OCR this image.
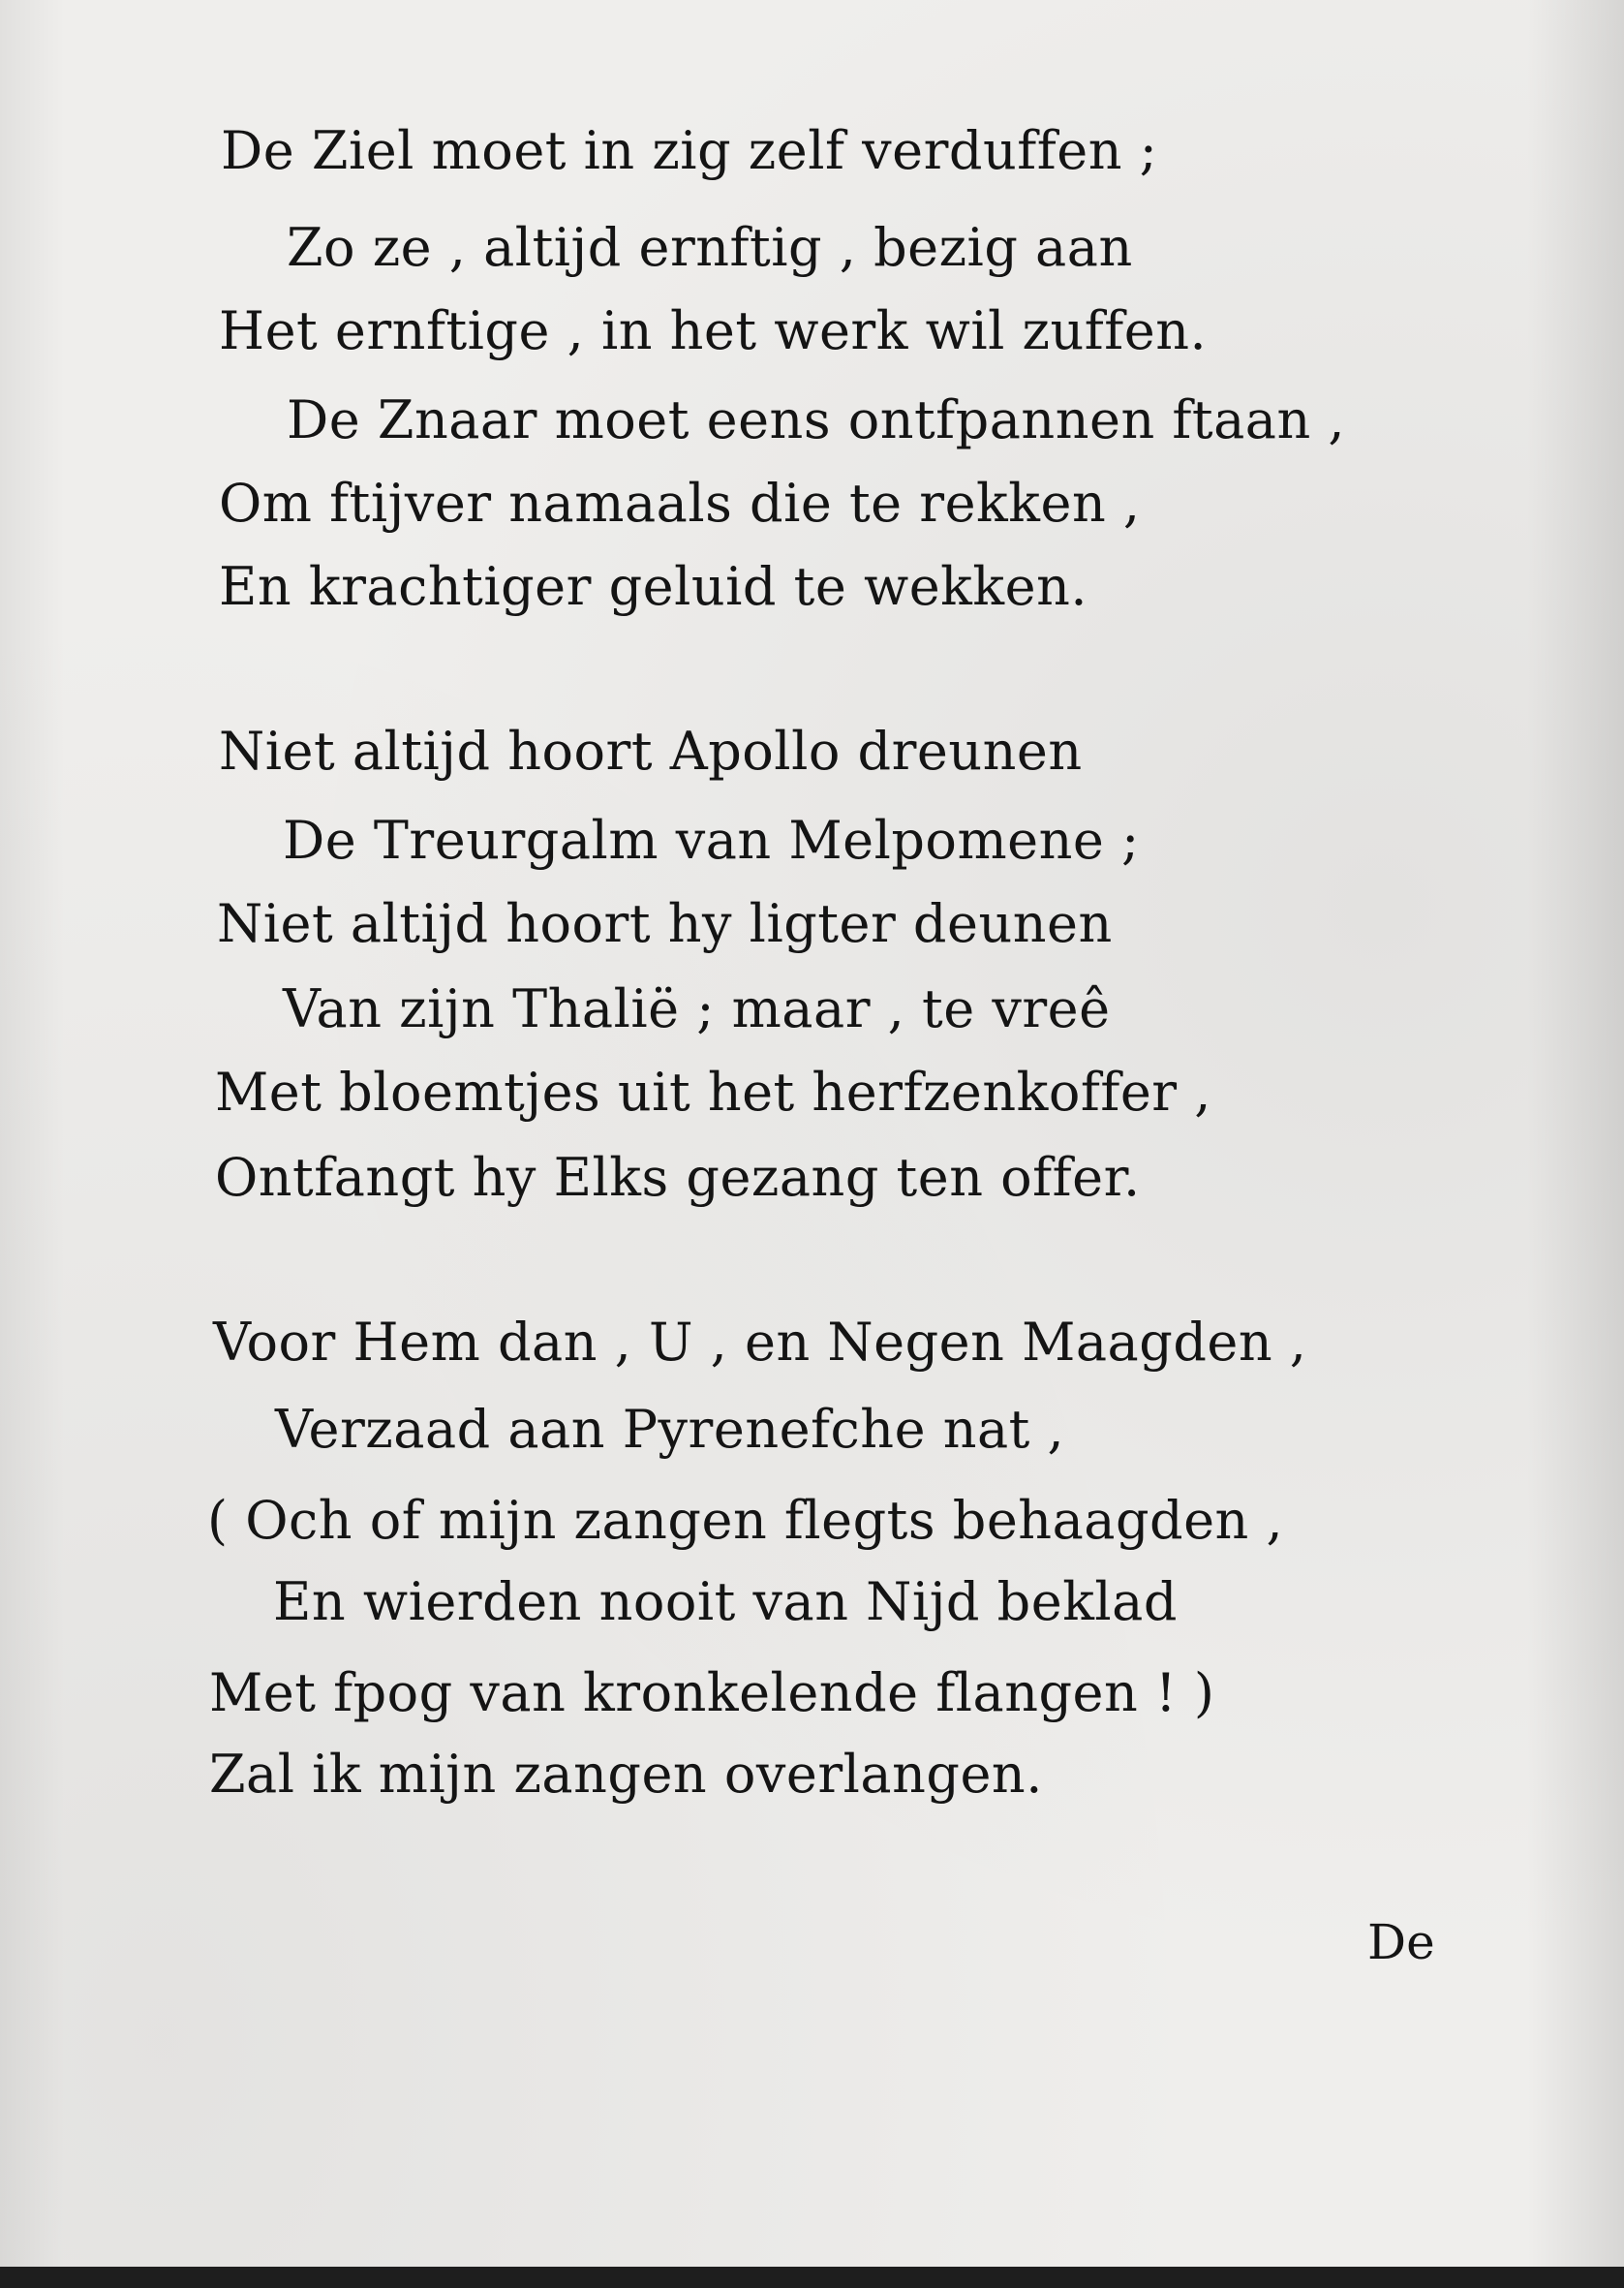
De Ziel moet in zig zelf verduffen ;
Zo ze , altijd ernftig , bezig aan
Het ernftige , in het werk wil zuffen.
De Znaar moet eens ontfpannen ftaan ,
Om ftijver namaals die te rekken ,
En krachtiger geluid te wekken.
Niet altijd hoort Apollo dreunen
De Treurgalm van Melpomene ;
Niet altijd hoort hy ligter deunen
Van zijn Thalië ; maar , te vreê
Met bloemtjes uit het herfzenkoffer ,
Ontfangt hy Elks gezang ten offer.
Voor Hem dan , U , en Negen Maagden ,
Verzaad aan Pyrenefche nat ,
( Och of mijn zangen flegts behaagden ,
En wierden nooit van Nijd beklad
Met fpog van kronkelende flangen ! )
Zal ik mijn zangen overlangen.
De
